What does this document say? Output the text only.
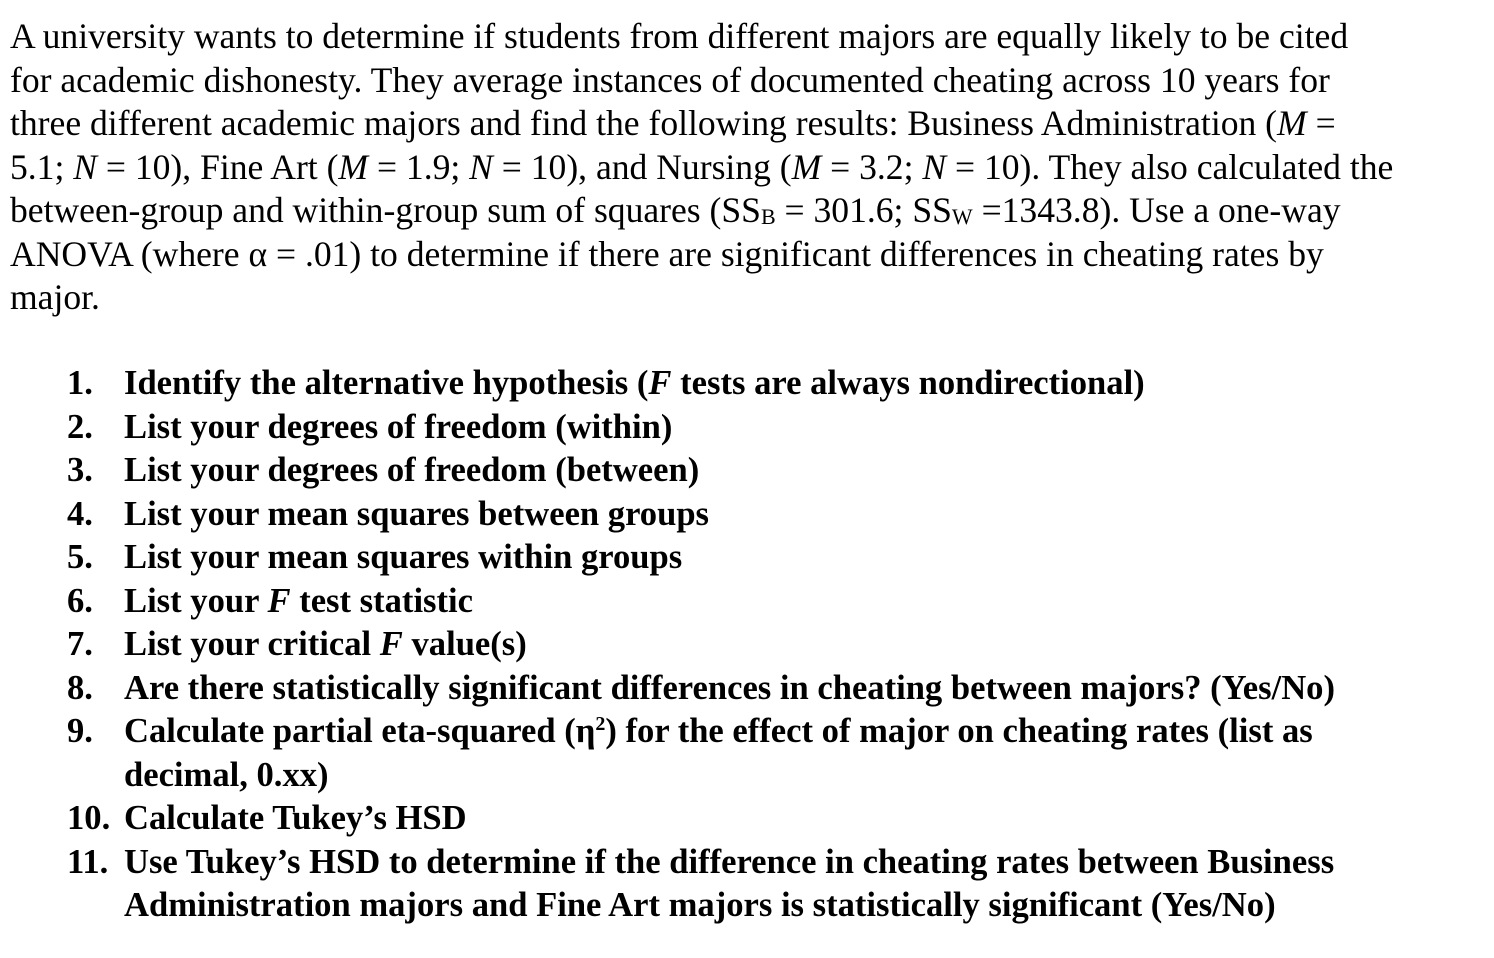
A university wants to determine if students from different majors are equally likely to be cited
for academic dishonesty. They average instances of documented cheating across 10 years for
three different academic majors and find the following results: Business Administration (M =
5.1; N = 10), Fine Art (M = 1.9; N = 10), and Nursing (M = 3.2; N = 10). They also calculated the
between-group and within-group sum of squares ($SS_B = 301.6$; $SS_W =1343.8$). Use a one-way
ANOVA (where α = .01) to determine if there are significant differences in cheating rates by
major.
1. Identify the alternative hypothesis (F tests are always nondirectional)
2. List your degrees of freedom (within)
3. List your degrees of freedom (between)
4. List your mean squares between groups
5. List your mean squares within groups
6. List your F test statistic
7. List your critical F value(s)
8. Are there statistically significant differences in cheating between majors? (Yes/No)
9. Calculate partial eta-squared $(\eta^2)$ for the effect of major on cheating rates (list as
decimal, 0.xx)
10. Calculate Tukey’s HSD
11. Use Tukey’s HSD to determine if the difference in cheating rates between Business
Administration majors and Fine Art majors is statistically significant (Yes/No)
